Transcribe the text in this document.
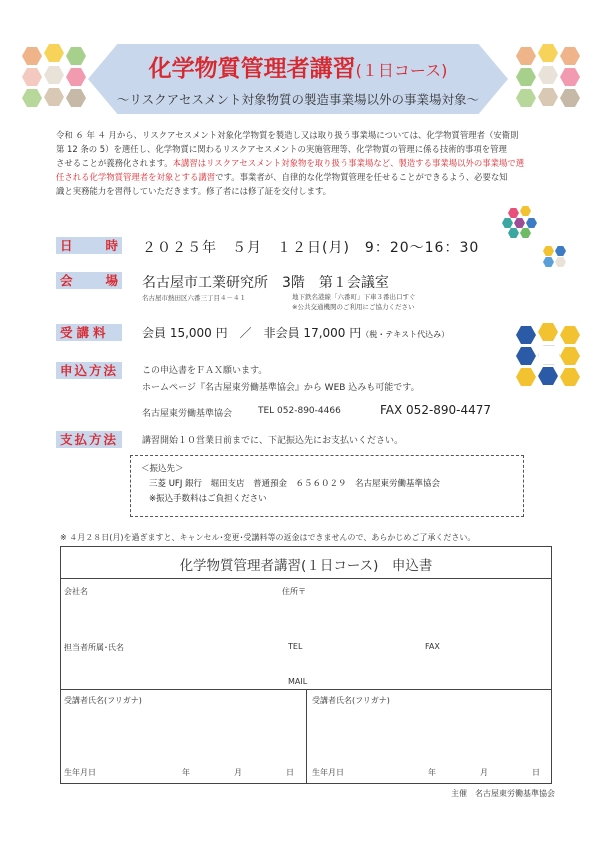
化学物質管理者講習(１日コース)
～リスクアセスメント対象物質の製造事業場以外の事業場対象～
令和 ６ 年 ４ 月から、リスクアセスメント対象化学物質を製造し又は取り扱う事業場については、化学物質管理者（安衛則
第 12 条の 5）を選任し、化学物質に関わるリスクアセスメントの実施管理等、化学物質の管理に係る技術的事項を管理
させることが義務化されます。本講習はリスクアセスメント対象物を取り扱う事業場など、製造する事業場以外の事業場で選
任される化学物質管理者を対象とする講習です。事業者が、自律的な化学物質管理を任せることができるよう、必要な知
識と実務能力を習得していただきます。修了者には修了証を交付します。
日	時 ２０２５年　５月　１２日(月)　9：20～16：30
会	場 名古屋市工業研究所　3階　第１会議室
名古屋市熱田区六番三丁目４－４１	地下鉄名港線「六番町」下車３番出口すぐ
※公共交通機関のご利用にご協力ください
受講料	会員 15,000 円　／　非会員 17,000 円（税・テキスト代込み）
申込方法	この申込書をＦＡＸ願います。
ホームページ『名古屋東労働基準協会』から WEB 込みも可能です。
名古屋東労働基準協会	TEL 052-890-4466	FAX 052-890-4477
支払方法	講習開始１０営業日前までに、下記振込先にお支払いください。
＜振込先＞
三菱 UFJ 銀行　堀田支店　普通預金　６５６０２９　名古屋東労働基準協会
※振込手数料はご負担ください
※ ４月２８日(月)を過ぎますと、キャンセル･変更･受講料等の返金はできませんので、あらかじめご了承ください。
化学物質管理者講習(１日コース)　申込書
会社名	住所〒
担当者所属･氏名	TEL	FAX
MAIL
受講者氏名(フリガナ)	受講者氏名(フリガナ)
生年月日	年	月	日 生年月日	年	月	日
主催　名古屋東労働基準協会
